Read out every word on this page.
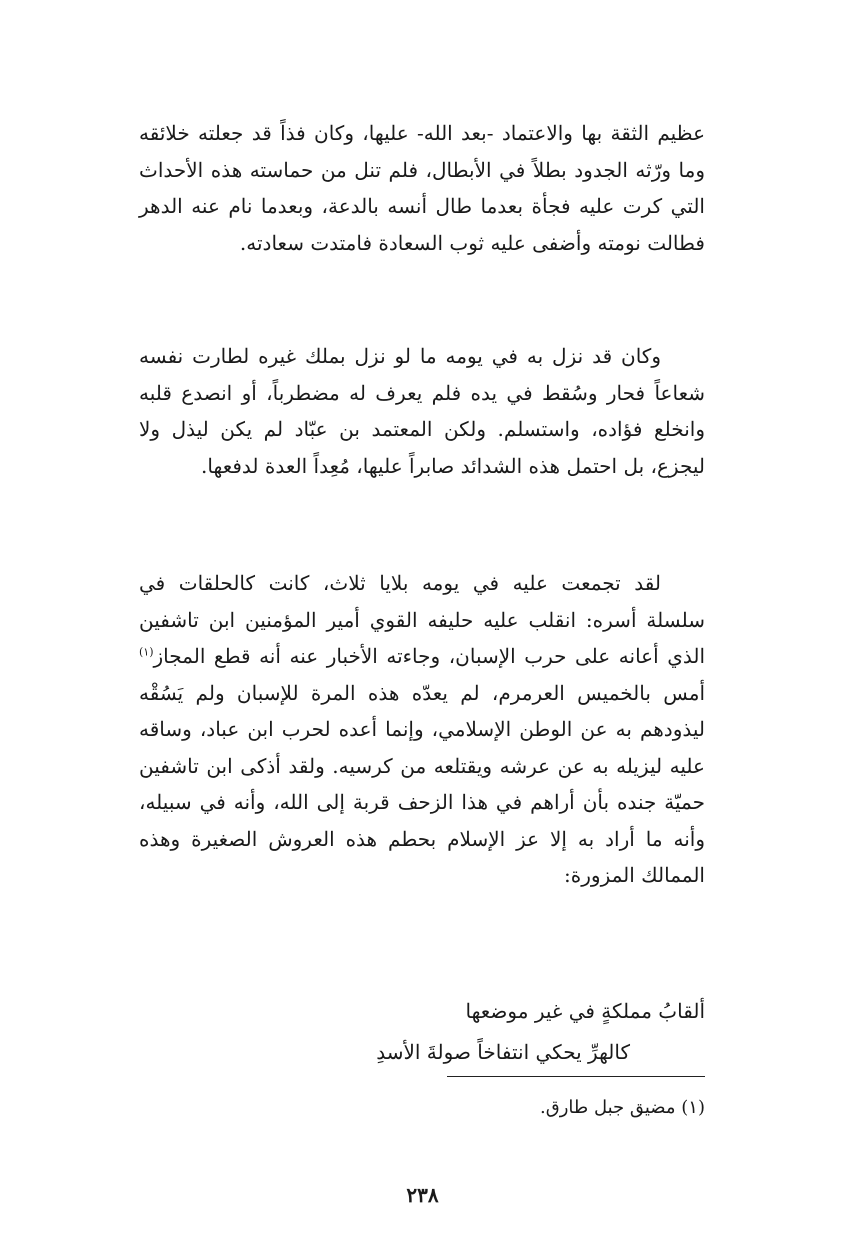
عظيم الثقة بها والاعتماد -بعد الله- عليها، وكان فذاً قد جعلته خلائقه وما ورّثه الجدود بطلاً في الأبطال، فلم تنل من حماسته هذه الأحداث التي كرت عليه فجأة بعدما طال أنسه بالدعة، وبعدما نام عنه الدهر فطالت نومته وأضفى عليه ثوب السعادة فامتدت سعادته.

وكان قد نزل به في يومه ما لو نزل بملك غيره لطارت نفسه شعاعاً فحار وسُقط في يده فلم يعرف له مضطرباً، أو انصدع قلبه وانخلع فؤاده، واستسلم. ولكن المعتمد بن عبّاد لم يكن ليذل ولا ليجزع، بل احتمل هذه الشدائد صابراً عليها، مُعِداً العدة لدفعها.

لقد تجمعت عليه في يومه بلايا ثلاث، كانت كالحلقات في سلسلة أسره: انقلب عليه حليفه القوي أمير المؤمنين ابن تاشفين الذي أعانه على حرب الإسبان، وجاءته الأخبار عنه أنه قطع المجاز$^{(١)}$ أمس بالخميس العرمرم، لم يعدّه هذه المرة للإسبان ولم يَسُقْه ليذودهم به عن الوطن الإسلامي، وإنما أعده لحرب ابن عباد، وساقه عليه ليزيله به عن عرشه ويقتلعه من كرسيه. ولقد أذكى ابن تاشفين حميّة جنده بأن أراهم في هذا الزحف قربة إلى الله، وأنه في سبيله، وأنه ما أراد به إلا عز الإسلام بحطم هذه العروش الصغيرة وهذه الممالك المزورة:

ألقابُ مملكةٍ في غير موضعها
كالهرِّ يحكي انتفاخاً صولةَ الأسدِ
(١) مضيق جبل طارق.
٢٣٨
